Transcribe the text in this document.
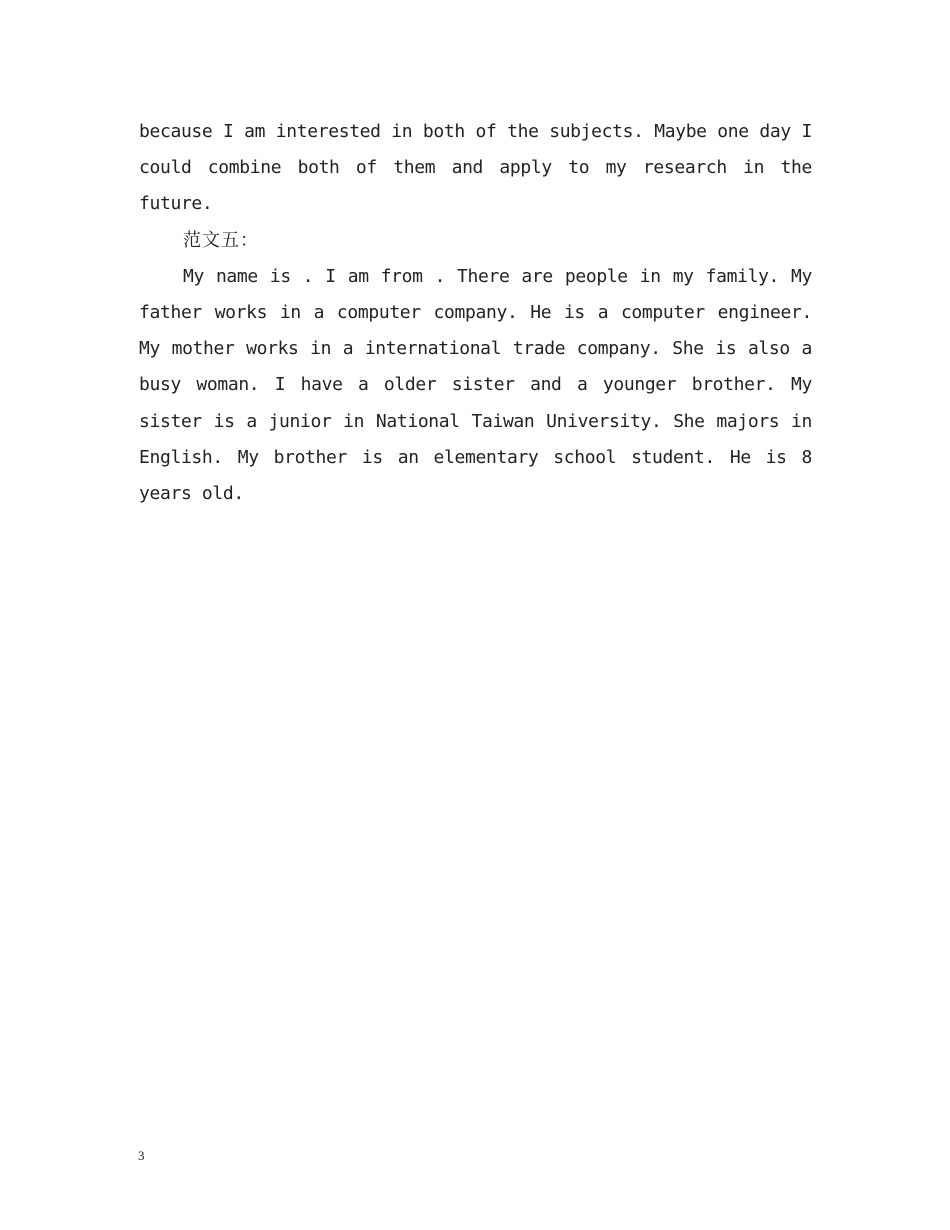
because I am interested in both of the subjects. Maybe one day I could combine both of them and apply to my research in the future.

范文五：

My name is . I am from . There are people in my family. My father works in a computer company. He is a computer engineer. My mother works in a international trade company. She is also a busy woman. I have a older sister and a younger brother. My sister is a junior in National Taiwan University. She majors in English. My brother is an elementary school student. He is 8 years old.

3
